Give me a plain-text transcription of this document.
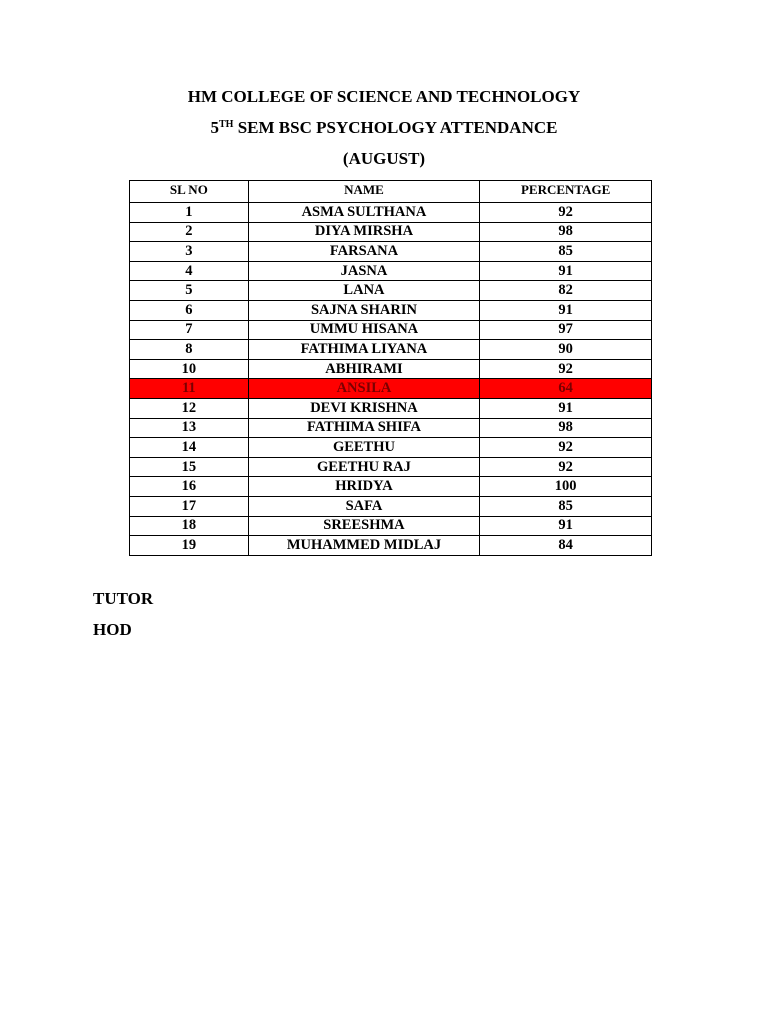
HM COLLEGE OF SCIENCE AND TECHNOLOGY
5TH SEM BSC PSYCHOLOGY ATTENDANCE
(AUGUST)
SL NO	NAME	PERCENTAGE
1	ASMA SULTHANA	92
2	DIYA MIRSHA	98
3	FARSANA	85
4	JASNA	91
5	LANA	82
6	SAJNA SHARIN	91
7	UMMU HISANA	97
8	FATHIMA LIYANA	90
10	ABHIRAMI	92
11	ANSILA	64
12	DEVI KRISHNA	91
13	FATHIMA SHIFA	98
14	GEETHU	92
15	GEETHU RAJ	92
16	HRIDYA	100
17	SAFA	85
18	SREESHMA	91
19	MUHAMMED MIDLAJ	84
TUTOR
HOD
